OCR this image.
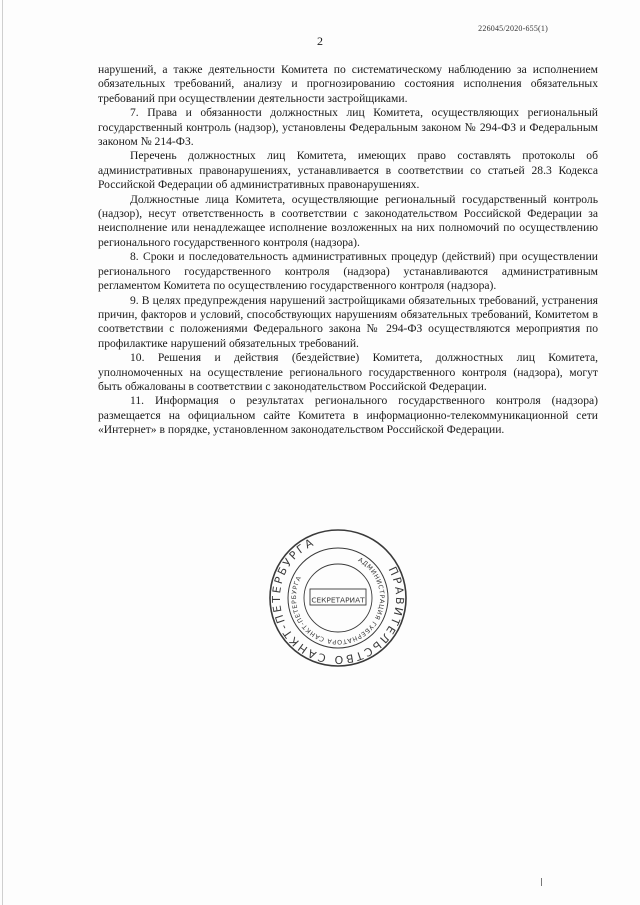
226045/2020-655(1)
2

нарушений, а также деятельности Комитета по систематическому наблюдению за исполнением обязательных требований, анализу и прогнозированию состояния исполнения обязательных требований при осуществлении деятельности застройщиками.

7. Права и обязанности должностных лиц Комитета, осуществляющих региональный государственный контроль (надзор), установлены Федеральным законом № 294-ФЗ и Федеральным законом № 214-ФЗ.

Перечень должностных лиц Комитета, имеющих право составлять протоколы об административных правонарушениях, устанавливается в соответствии со статьей 28.3 Кодекса Российской Федерации об административных правонарушениях.

Должностные лица Комитета, осуществляющие региональный государственный контроль (надзор), несут ответственность в соответствии с законодательством Российской Федерации за неисполнение или ненадлежащее исполнение возложенных на них полномочий по осуществлению регионального государственного контроля (надзора).

8. Сроки и последовательность административных процедур (действий) при осуществлении регионального государственного контроля (надзора) устанавливаются административным регламентом Комитета по осуществлению государственного контроля (надзора).

9. В целях предупреждения нарушений застройщиками обязательных требований, устранения причин, факторов и условий, способствующих нарушениям обязательных требований, Комитетом в соответствии с положениями Федерального закона № 294-ФЗ осуществляются мероприятия по профилактике нарушений обязательных требований.

10. Решения и действия (бездействие) Комитета, должностных лиц Комитета, уполномоченных на осуществление регионального государственного контроля (надзора), могут быть обжалованы в соответствии с законодательством Российской Федерации.

11. Информация о результатах регионального государственного контроля (надзора) размещается на официальном сайте Комитета в информационно-телекоммуникационной сети «Интернет» в порядке, установленном законодательством Российской Федерации.

ПРАВИТЕЛЬСТВО САНКТ-ПЕТЕРБУРГА
АДМИНИСТРАЦИЯ ГУБЕРНАТОРА САНКТ-ПЕТЕРБУРГА
СЕКРЕТАРИАТ
